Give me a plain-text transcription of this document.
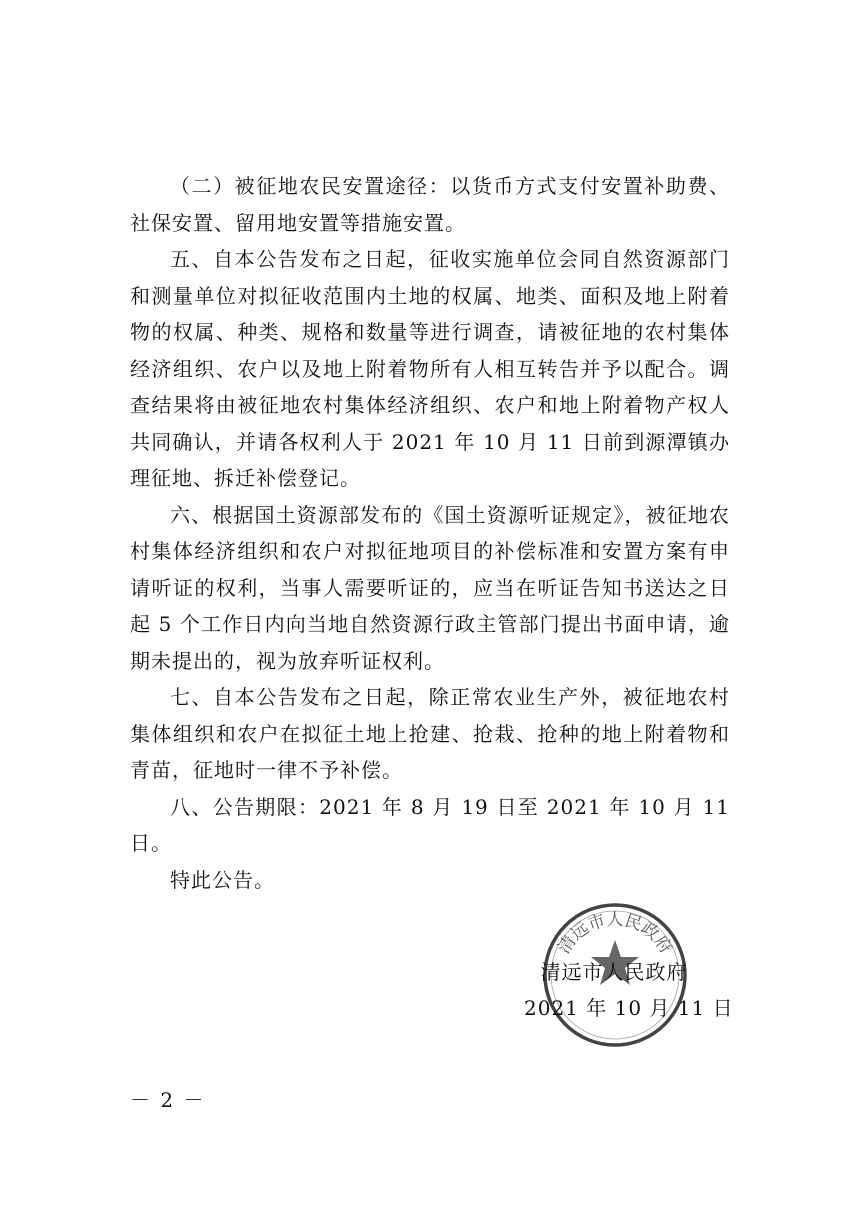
（二）被征地农民安置途径：以货币方式支付安置补助费、社保安置、留用地安置等措施安置。

五、自本公告发布之日起，征收实施单位会同自然资源部门和测量单位对拟征收范围内土地的权属、地类、面积及地上附着物的权属、种类、规格和数量等进行调查，请被征地的农村集体经济组织、农户以及地上附着物所有人相互转告并予以配合。调查结果将由被征地农村集体经济组织、农户和地上附着物产权人共同确认，并请各权利人于 2021 年 10 月 11 日前到源潭镇办理征地、拆迁补偿登记。

六、根据国土资源部发布的《国土资源听证规定》，被征地农村集体经济组织和农户对拟征地项目的补偿标准和安置方案有申请听证的权利，当事人需要听证的，应当在听证告知书送达之日起 5 个工作日内向当地自然资源行政主管部门提出书面申请，逾期未提出的，视为放弃听证权利。

七、自本公告发布之日起，除正常农业生产外，被征地农村集体组织和农户在拟征土地上抢建、抢栽、抢种的地上附着物和青苗，征地时一律不予补偿。

八、公告期限：2021 年 8 月 19 日至 2021 年 10 月 11 日。

特此公告。

清远市人民政府
清远市人民政府
2021 年 10 月 11 日
－ 2 －
